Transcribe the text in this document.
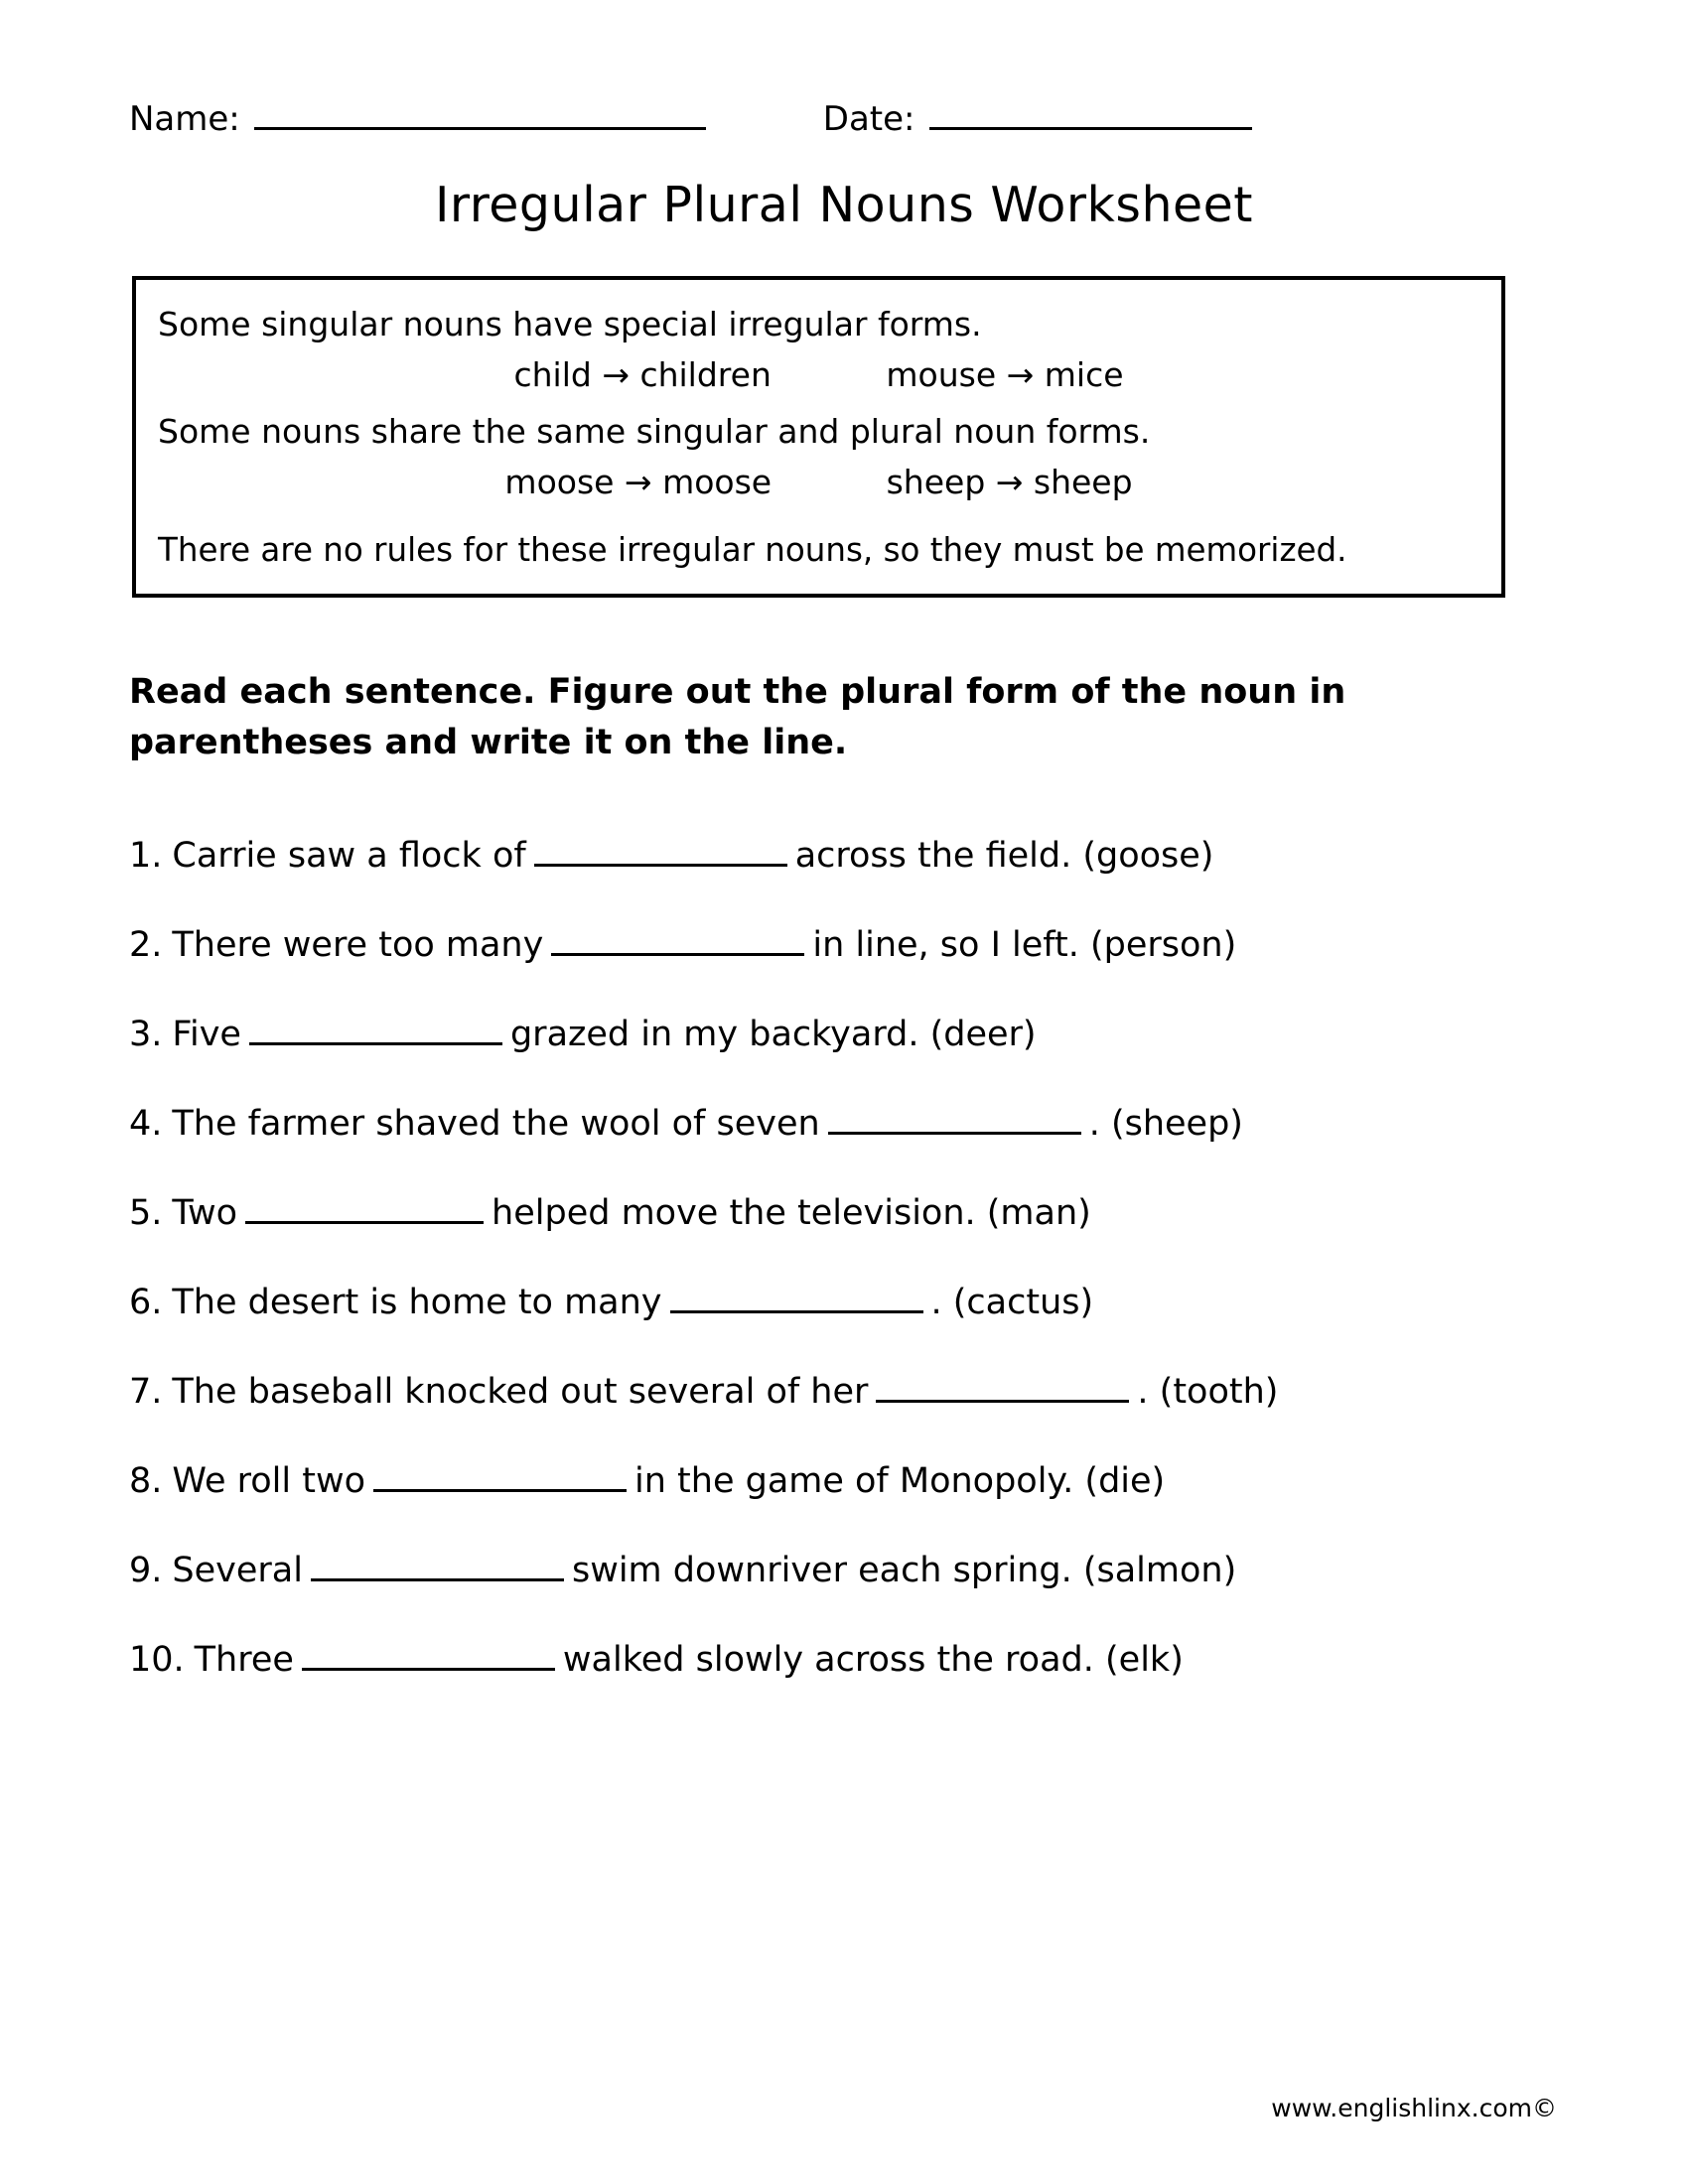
Name:	Date:
Irregular Plural Nouns Worksheet
Some singular nouns have special irregular forms.
child → children	mouse → mice
Some nouns share the same singular and plural noun forms.
moose → moose	sheep → sheep
There are no rules for these irregular nouns, so they must be memorized.
Read each sentence. Figure out the plural form of the noun in parentheses and write it on the line.
1. Carrie saw a flock of	across the field. (goose)
2. There were too many	in line, so I left. (person)
3. Five	grazed in my backyard. (deer)
4. The farmer shaved the wool of seven	. (sheep)
5. Two	helped move the television. (man)
6. The desert is home to many	. (cactus)
7. The baseball knocked out several of her	. (tooth)
8. We roll two	in the game of Monopoly. (die)
9. Several	swim downriver each spring. (salmon)
10. Three	walked slowly across the road. (elk)
www.englishlinx.com©
